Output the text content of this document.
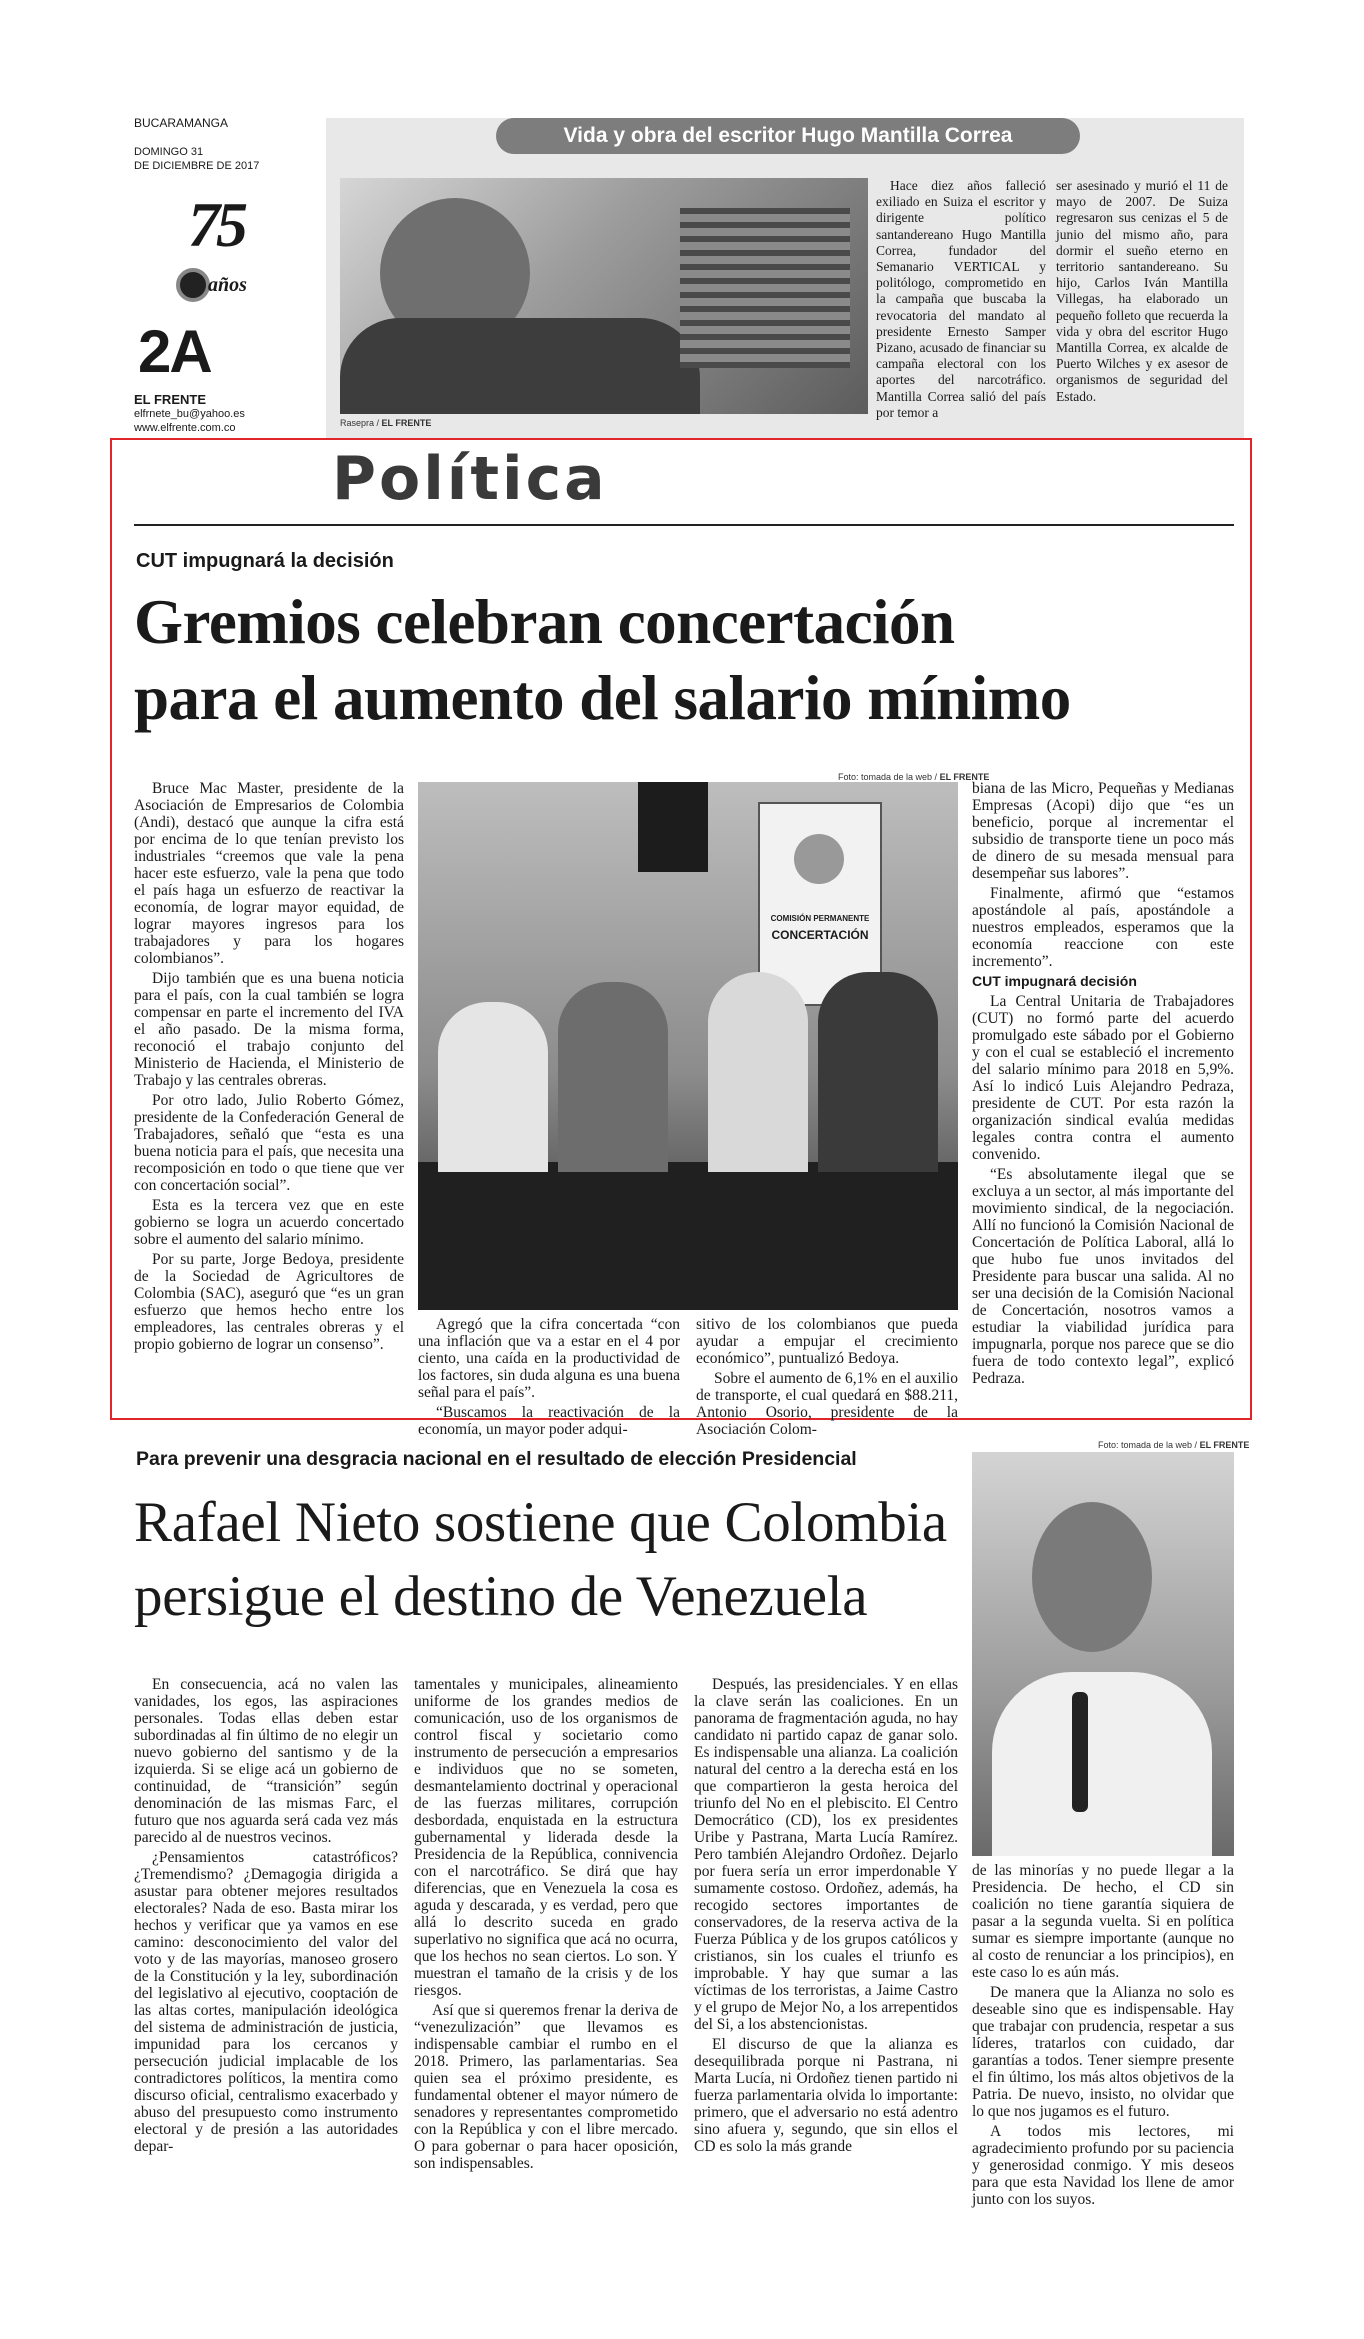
BUCARAMANGA
DOMINGO 31
DE DICIEMBRE DE 2017
75
años
2A
EL FRENTE
elfrnete_bu@yahoo.es
www.elfrente.com.co
Vida y obra del escritor Hugo Mantilla Correa
Rasepra / EL FRENTE
Hace diez años falleció exiliado en Suiza el escritor y dirigente político santandereano Hugo Mantilla Correa, fundador del Semanario VERTICAL y politólogo, comprometido en la campaña que buscaba la revocatoria del mandato al presidente Ernesto Samper Pizano, acusado de financiar su campaña electoral con los aportes del narcotráfico. Mantilla Correa salió del país por temor a
ser asesinado y murió el 11 de mayo de 2007. De Suiza regresaron sus cenizas el 5 de junio del mismo año, para dormir el sueño eterno en territorio santandereano. Su hijo, Carlos Iván Mantilla Villegas, ha elaborado un pequeño folleto que recuerda la vida y obra del escritor Hugo Mantilla Correa, ex alcalde de Puerto Wilches y ex asesor de organismos de seguridad del Estado.
Política
CUT impugnará la decisión
Gremios celebran concertación
para el aumento del salario mínimo

Bruce Mac Master, presidente de la Asociación de Empresarios de Colombia (Andi), destacó que aunque la cifra está por encima de lo que tenían previsto los industriales “creemos que vale la pena hacer este esfuerzo, vale la pena que todo el país haga un esfuerzo de reactivar la economía, de lograr mayor equidad, de lograr mayores ingresos para los trabajadores y para los hogares colombianos”.

Dijo también que es una buena noticia para el país, con la cual también se logra compensar en parte el incremento del IVA el año pasado. De la misma forma, reconoció el trabajo conjunto del Ministerio de Hacienda, el Ministerio de Trabajo y las centrales obreras.

Por otro lado, Julio Roberto Gómez, presidente de la Confederación General de Trabajadores, señaló que “esta es una buena noticia para el país, que necesita una recomposición en todo o que tiene que ver con concertación social”.

Esta es la tercera vez que en este gobierno se logra un acuerdo concertado sobre el aumento del salario mínimo.

Por su parte, Jorge Bedoya, presidente de la Sociedad de Agricultores de Colombia (SAC), aseguró que “es un gran esfuerzo que hemos hecho entre los empleadores, las centrales obreras y el propio gobierno de lograr un consenso”.

Foto: tomada de la web / EL FRENTE
COMISIÓN PERMANENTE
CONCERTACIÓN

Agregó que la cifra concertada “con una inflación que va a estar en el 4 por ciento, una caída en la productividad de los factores, sin duda alguna es una buena señal para el país”.

“Buscamos la reactivación de la economía, un mayor poder adqui-

sitivo de los colombianos que pueda ayudar a empujar el crecimiento económico”, puntualizó Bedoya.

Sobre el aumento de 6,1% en el auxilio de transporte, el cual quedará en $88.211, Antonio Osorio, presidente de la Asociación Colom-

biana de las Micro, Pequeñas y Medianas Empresas (Acopi) dijo que “es un beneficio, porque al incrementar el subsidio de transporte tiene un poco más de dinero de su mesada mensual para desempeñar sus labores”.

Finalmente, afirmó que “estamos apostándole al país, apostándole a nuestros empleados, esperamos que la economía reaccione con este incremento”.

CUT impugnará decisión

La Central Unitaria de Trabajadores (CUT) no formó parte del acuerdo promulgado este sábado por el Gobierno y con el cual se estableció el incremento del salario mínimo para 2018 en 5,9%. Así lo indicó Luis Alejandro Pedraza, presidente de CUT. Por esta razón la organización sindical evalúa medidas legales contra contra el aumento convenido.

“Es absolutamente ilegal que se excluya a un sector, al más importante del movimiento sindical, de la negociación. Allí no funcionó la Comisión Nacional de Concertación de Política Laboral, allá lo que hubo fue unos invitados del Presidente para buscar una salida. Al no ser una decisión de la Comisión Nacional de Concertación, nosotros vamos a estudiar la viabilidad jurídica para impugnarla, porque nos parece que se dio fuera de todo contexto legal”, explicó Pedraza.

Para prevenir una desgracia nacional en el resultado de elección Presidencial
Rafael Nieto sostiene que Colombia
persigue el destino de Venezuela
Foto: tomada de la web / EL FRENTE

En consecuencia, acá no valen las vanidades, los egos, las aspiraciones personales. Todas ellas deben estar subordinadas al fin último de no elegir un nuevo gobierno del santismo y de la izquierda. Si se elige acá un gobierno de continuidad, de “transición” según denominación de las mismas Farc, el futuro que nos aguarda será cada vez más parecido al de nuestros vecinos.

¿Pensamientos catastróficos? ¿Tremendismo? ¿Demagogia dirigida a asustar para obtener mejores resultados electorales? Nada de eso. Basta mirar los hechos y verificar que ya vamos en ese camino: desconocimiento del valor del voto y de las mayorías, manoseo grosero de la Constitución y la ley, subordinación del legislativo al ejecutivo, cooptación de las altas cortes, manipulación ideológica del sistema de administración de justicia, impunidad para los cercanos y persecución judicial implacable de los contradictores políticos, la mentira como discurso oficial, centralismo exacerbado y abuso del presupuesto como instrumento electoral y de presión a las autoridades depar-

tamentales y municipales, alineamiento uniforme de los grandes medios de comunicación, uso de los organismos de control fiscal y societario como instrumento de persecución a empresarios e individuos que no se someten, desmantelamiento doctrinal y operacional de las fuerzas militares, corrupción desbordada, enquistada en la estructura gubernamental y liderada desde la Presidencia de la República, connivencia con el narcotráfico. Se dirá que hay diferencias, que en Venezuela la cosa es aguda y descarada, y es verdad, pero que allá lo descrito suceda en grado superlativo no significa que acá no ocurra, que los hechos no sean ciertos. Lo son. Y muestran el tamaño de la crisis y de los riesgos.

Así que si queremos frenar la deriva de “venezulización” que llevamos es indispensable cambiar el rumbo en el 2018. Primero, las parlamentarias. Sea quien sea el próximo presidente, es fundamental obtener el mayor número de senadores y representantes comprometido con la República y con el libre mercado. O para gobernar o para hacer oposición, son indispensables.

Después, las presidenciales. Y en ellas la clave serán las coaliciones. En un panorama de fragmentación aguda, no hay candidato ni partido capaz de ganar solo. Es indispensable una alianza. La coalición natural del centro a la derecha está en los que compartieron la gesta heroica del triunfo del No en el plebiscito. El Centro Democrático (CD), los ex presidentes Uribe y Pastrana, Marta Lucía Ramírez. Pero también Alejandro Ordoñez. Dejarlo por fuera sería un error imperdonable Y sumamente costoso. Ordoñez, además, ha recogido sectores importantes de conservadores, de la reserva activa de la Fuerza Pública y de los grupos católicos y cristianos, sin los cuales el triunfo es improbable. Y hay que sumar a las víctimas de los terroristas, a Jaime Castro y el grupo de Mejor No, a los arrepentidos del Si, a los abstencionistas.

El discurso de que la alianza es desequilibrada porque ni Pastrana, ni Marta Lucía, ni Ordoñez tienen partido ni fuerza parlamentaria olvida lo importante: primero, que el adversario no está adentro sino afuera y, segundo, que sin ellos el CD es solo la más grande

de las minorías y no puede llegar a la Presidencia. De hecho, el CD sin coalición no tiene garantía siquiera de pasar a la segunda vuelta. Si en política sumar es siempre importante (aunque no al costo de renunciar a los principios), en este caso lo es aún más.

De manera que la Alianza no solo es deseable sino que es indispensable. Hay que trabajar con prudencia, respetar a sus líderes, tratarlos con cuidado, dar garantías a todos. Tener siempre presente el fin último, los más altos objetivos de la Patria. De nuevo, insisto, no olvidar que lo que nos jugamos es el futuro.

A todos mis lectores, mi agradecimiento profundo por su paciencia y generosidad conmigo. Y mis deseos para que esta Navidad los llene de amor junto con los suyos.
